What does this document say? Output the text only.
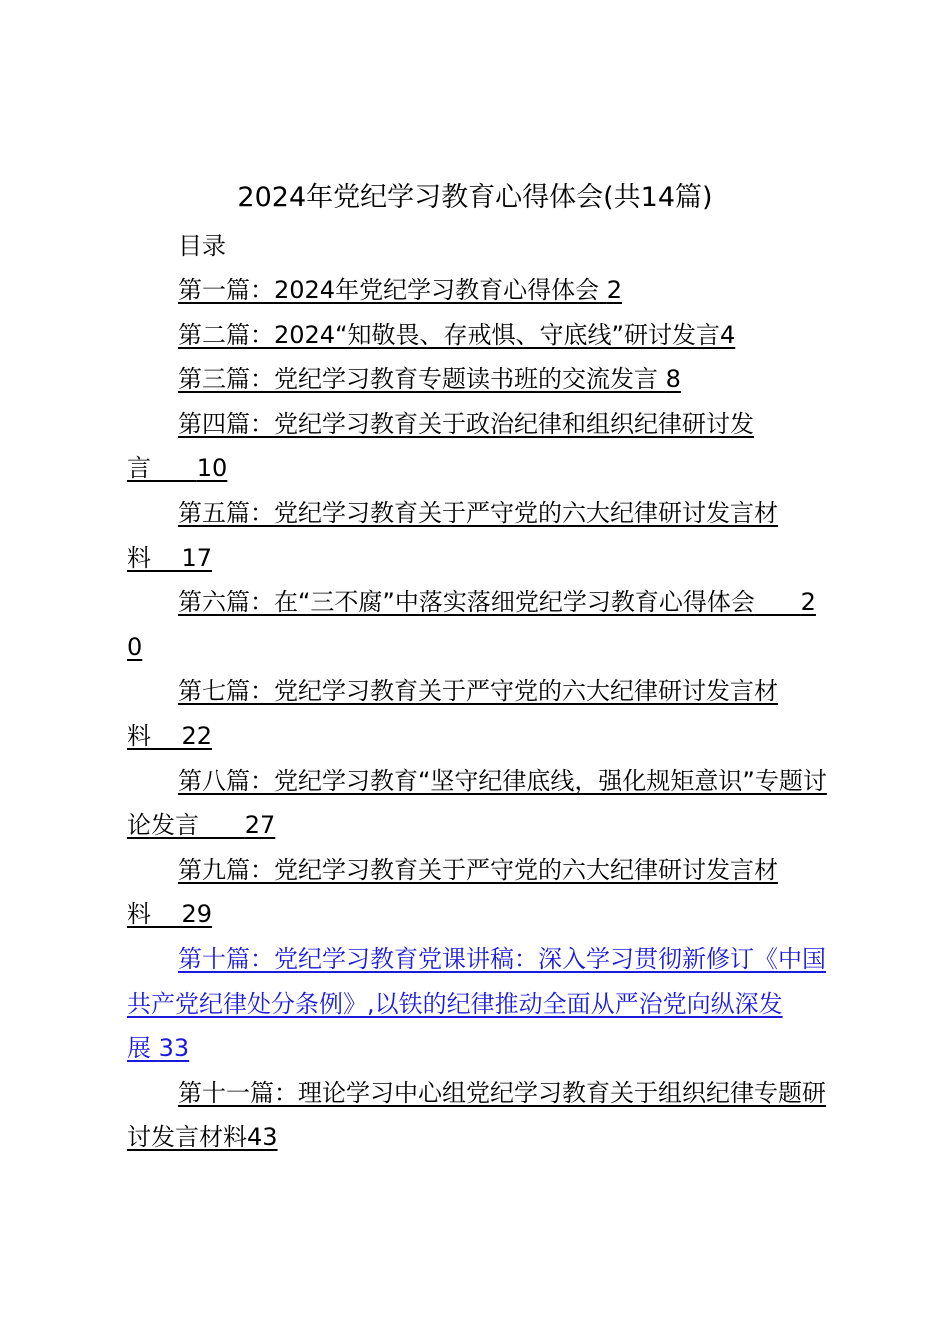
2024年党纪学习教育心得体会(共14篇)
目录
第一篇：2024年党纪学习教育心得体会 2
第二篇：2024“知敬畏、存戒惧、守底线”研讨发言4
第三篇：党纪学习教育专题读书班的交流发言 8
第四篇：党纪学习教育关于政治纪律和组织纪律研讨发言 10
第五篇：党纪学习教育关于严守党的六大纪律研讨发言材料 17
第六篇：在“三不腐”中落实落细党纪学习教育心得体会 20
第七篇：党纪学习教育关于严守党的六大纪律研讨发言材料 22
第八篇：党纪学习教育“坚守纪律底线，强化规矩意识”专题讨论发言 27
第九篇：党纪学习教育关于严守党的六大纪律研讨发言材料 29
第十篇：党纪学习教育党课讲稿：深入学习贯彻新修订《中国共产党纪律处分条例》,以铁的纪律推动全面从严治党向纵深发展 33
第十一篇：理论学习中心组党纪学习教育关于组织纪律专题研讨发言材料43
